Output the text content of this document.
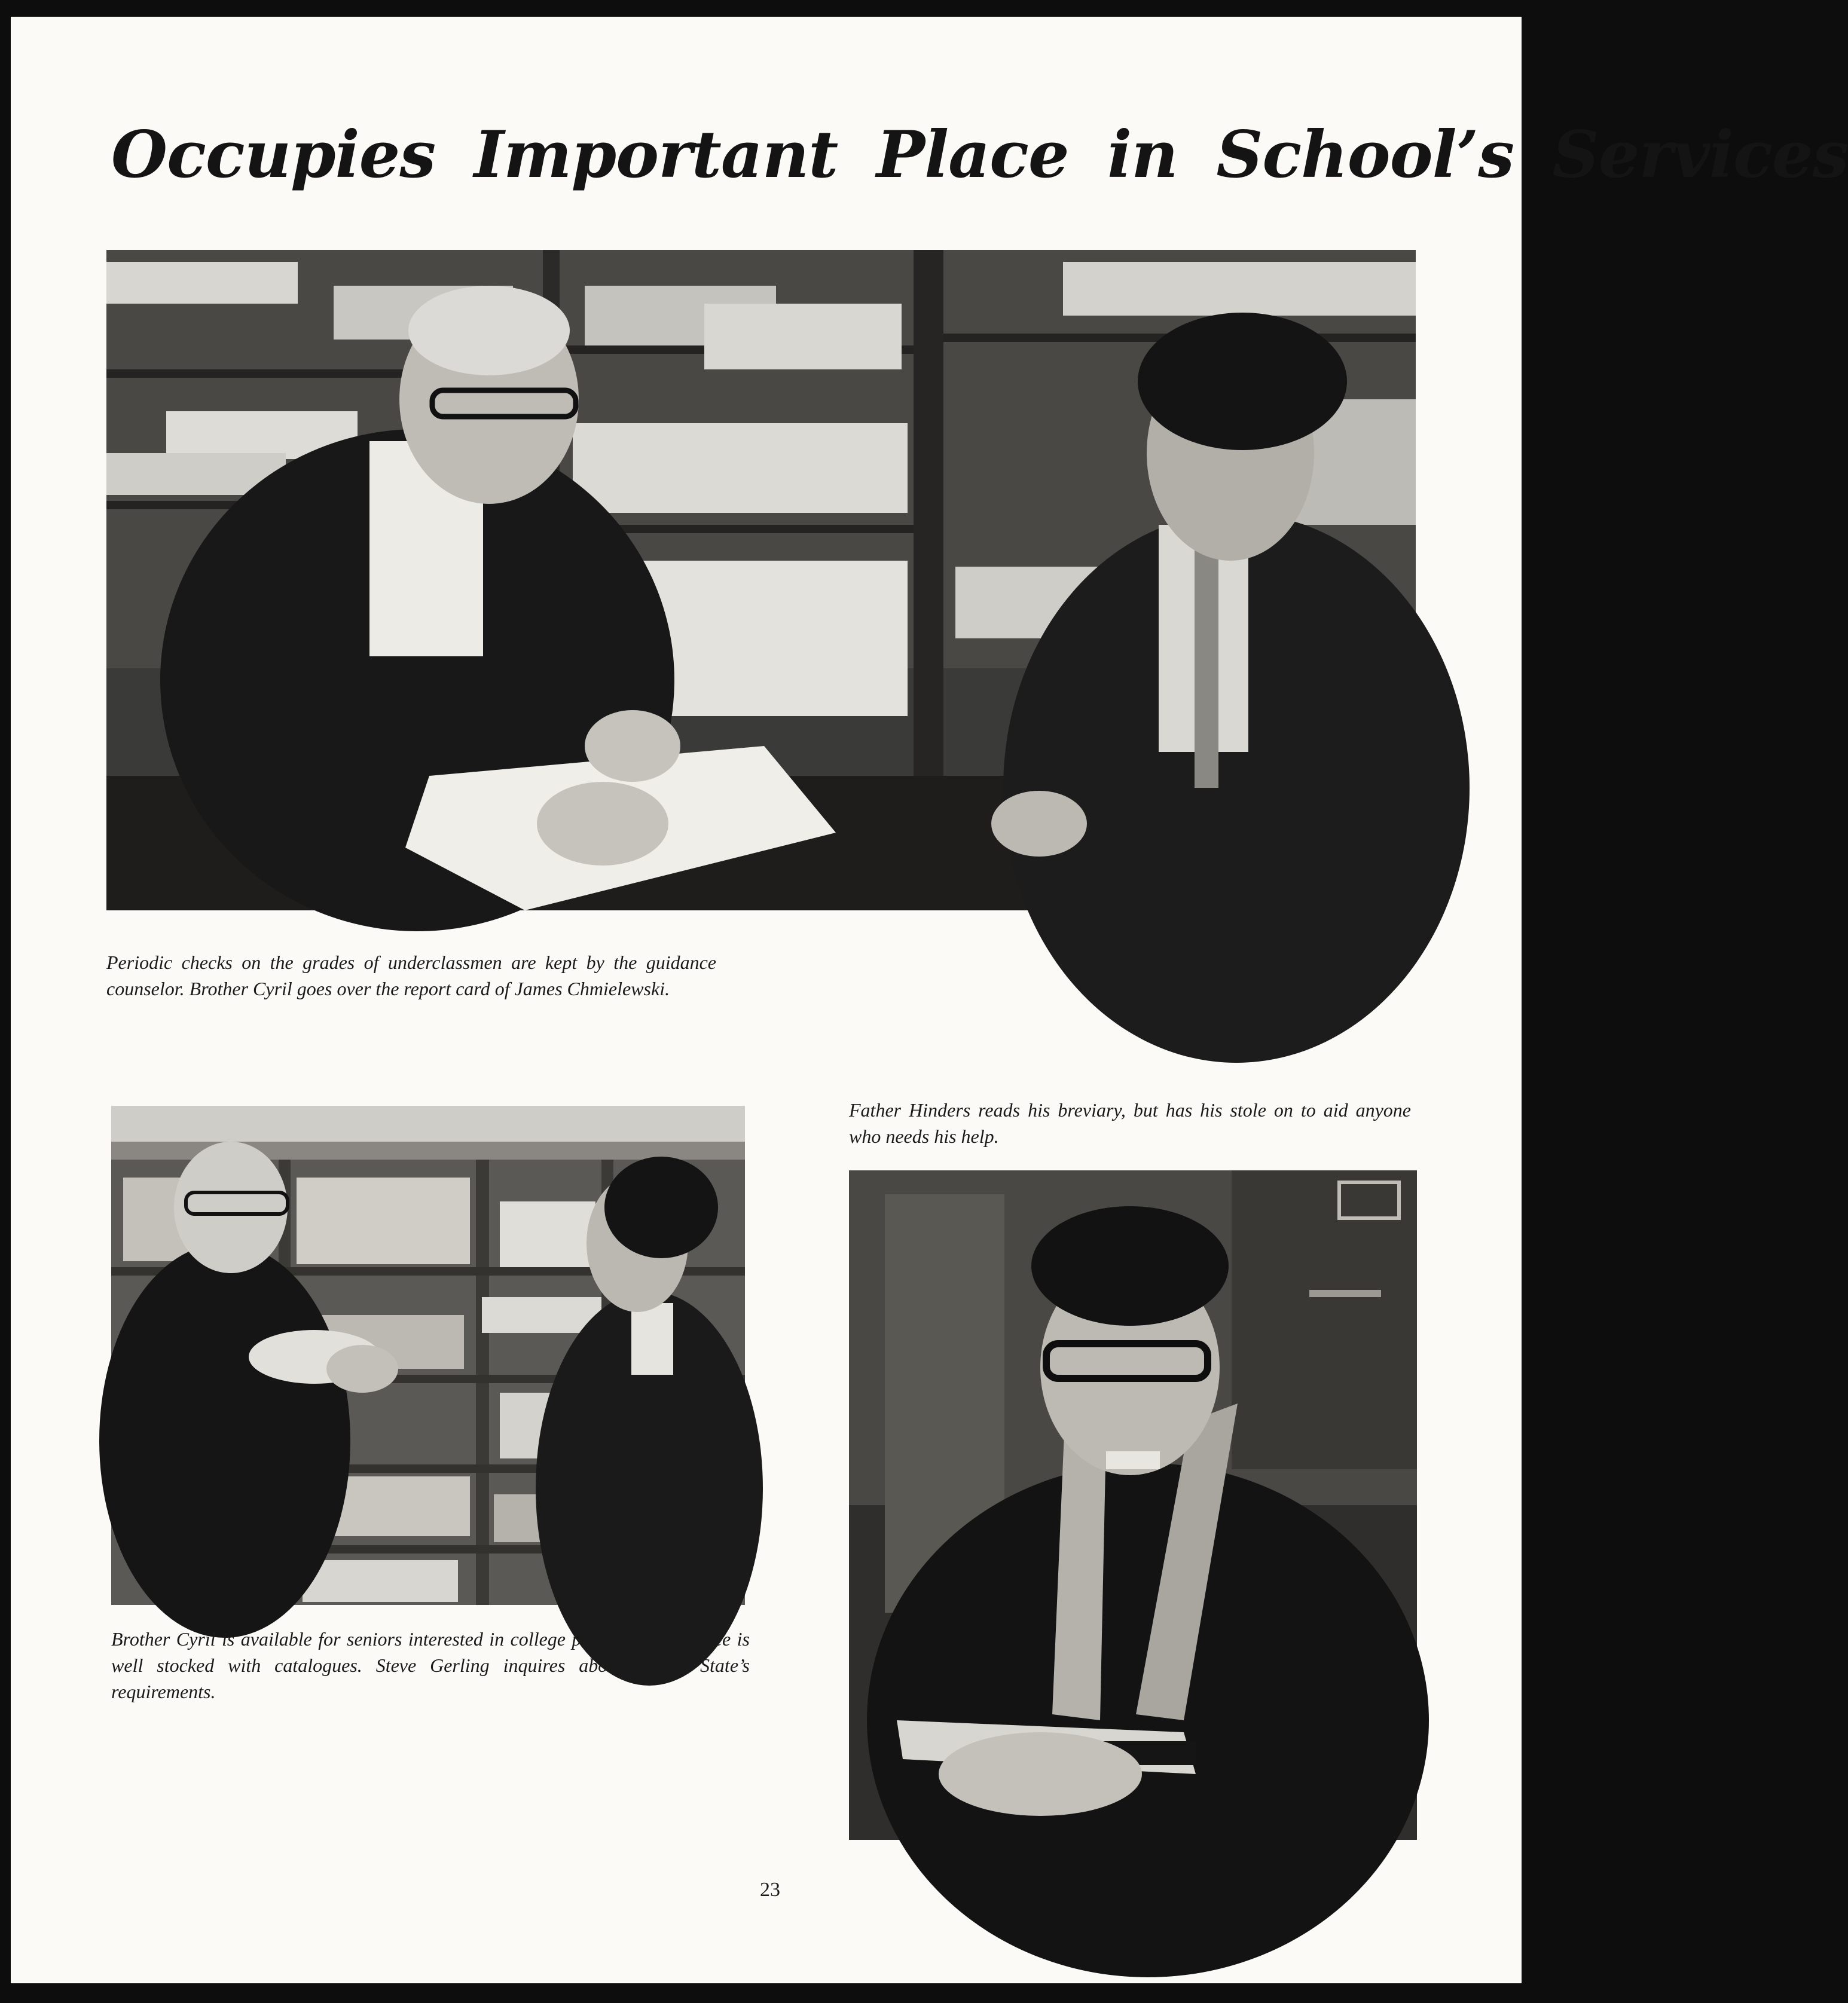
Occupies Important Place in School’s Services

Periodic checks on the grades of underclassmen are kept by the guidance counselor. Brother Cyril goes over the report card of James Chmielewski.

Brother Cyril is available for seniors interested in college prospects. His office is well stocked with catalogues. Steve Gerling inquires about Wayne State’s requirements.

Father Hinders reads his breviary, but has his stole on to aid anyone who needs his help.

23
